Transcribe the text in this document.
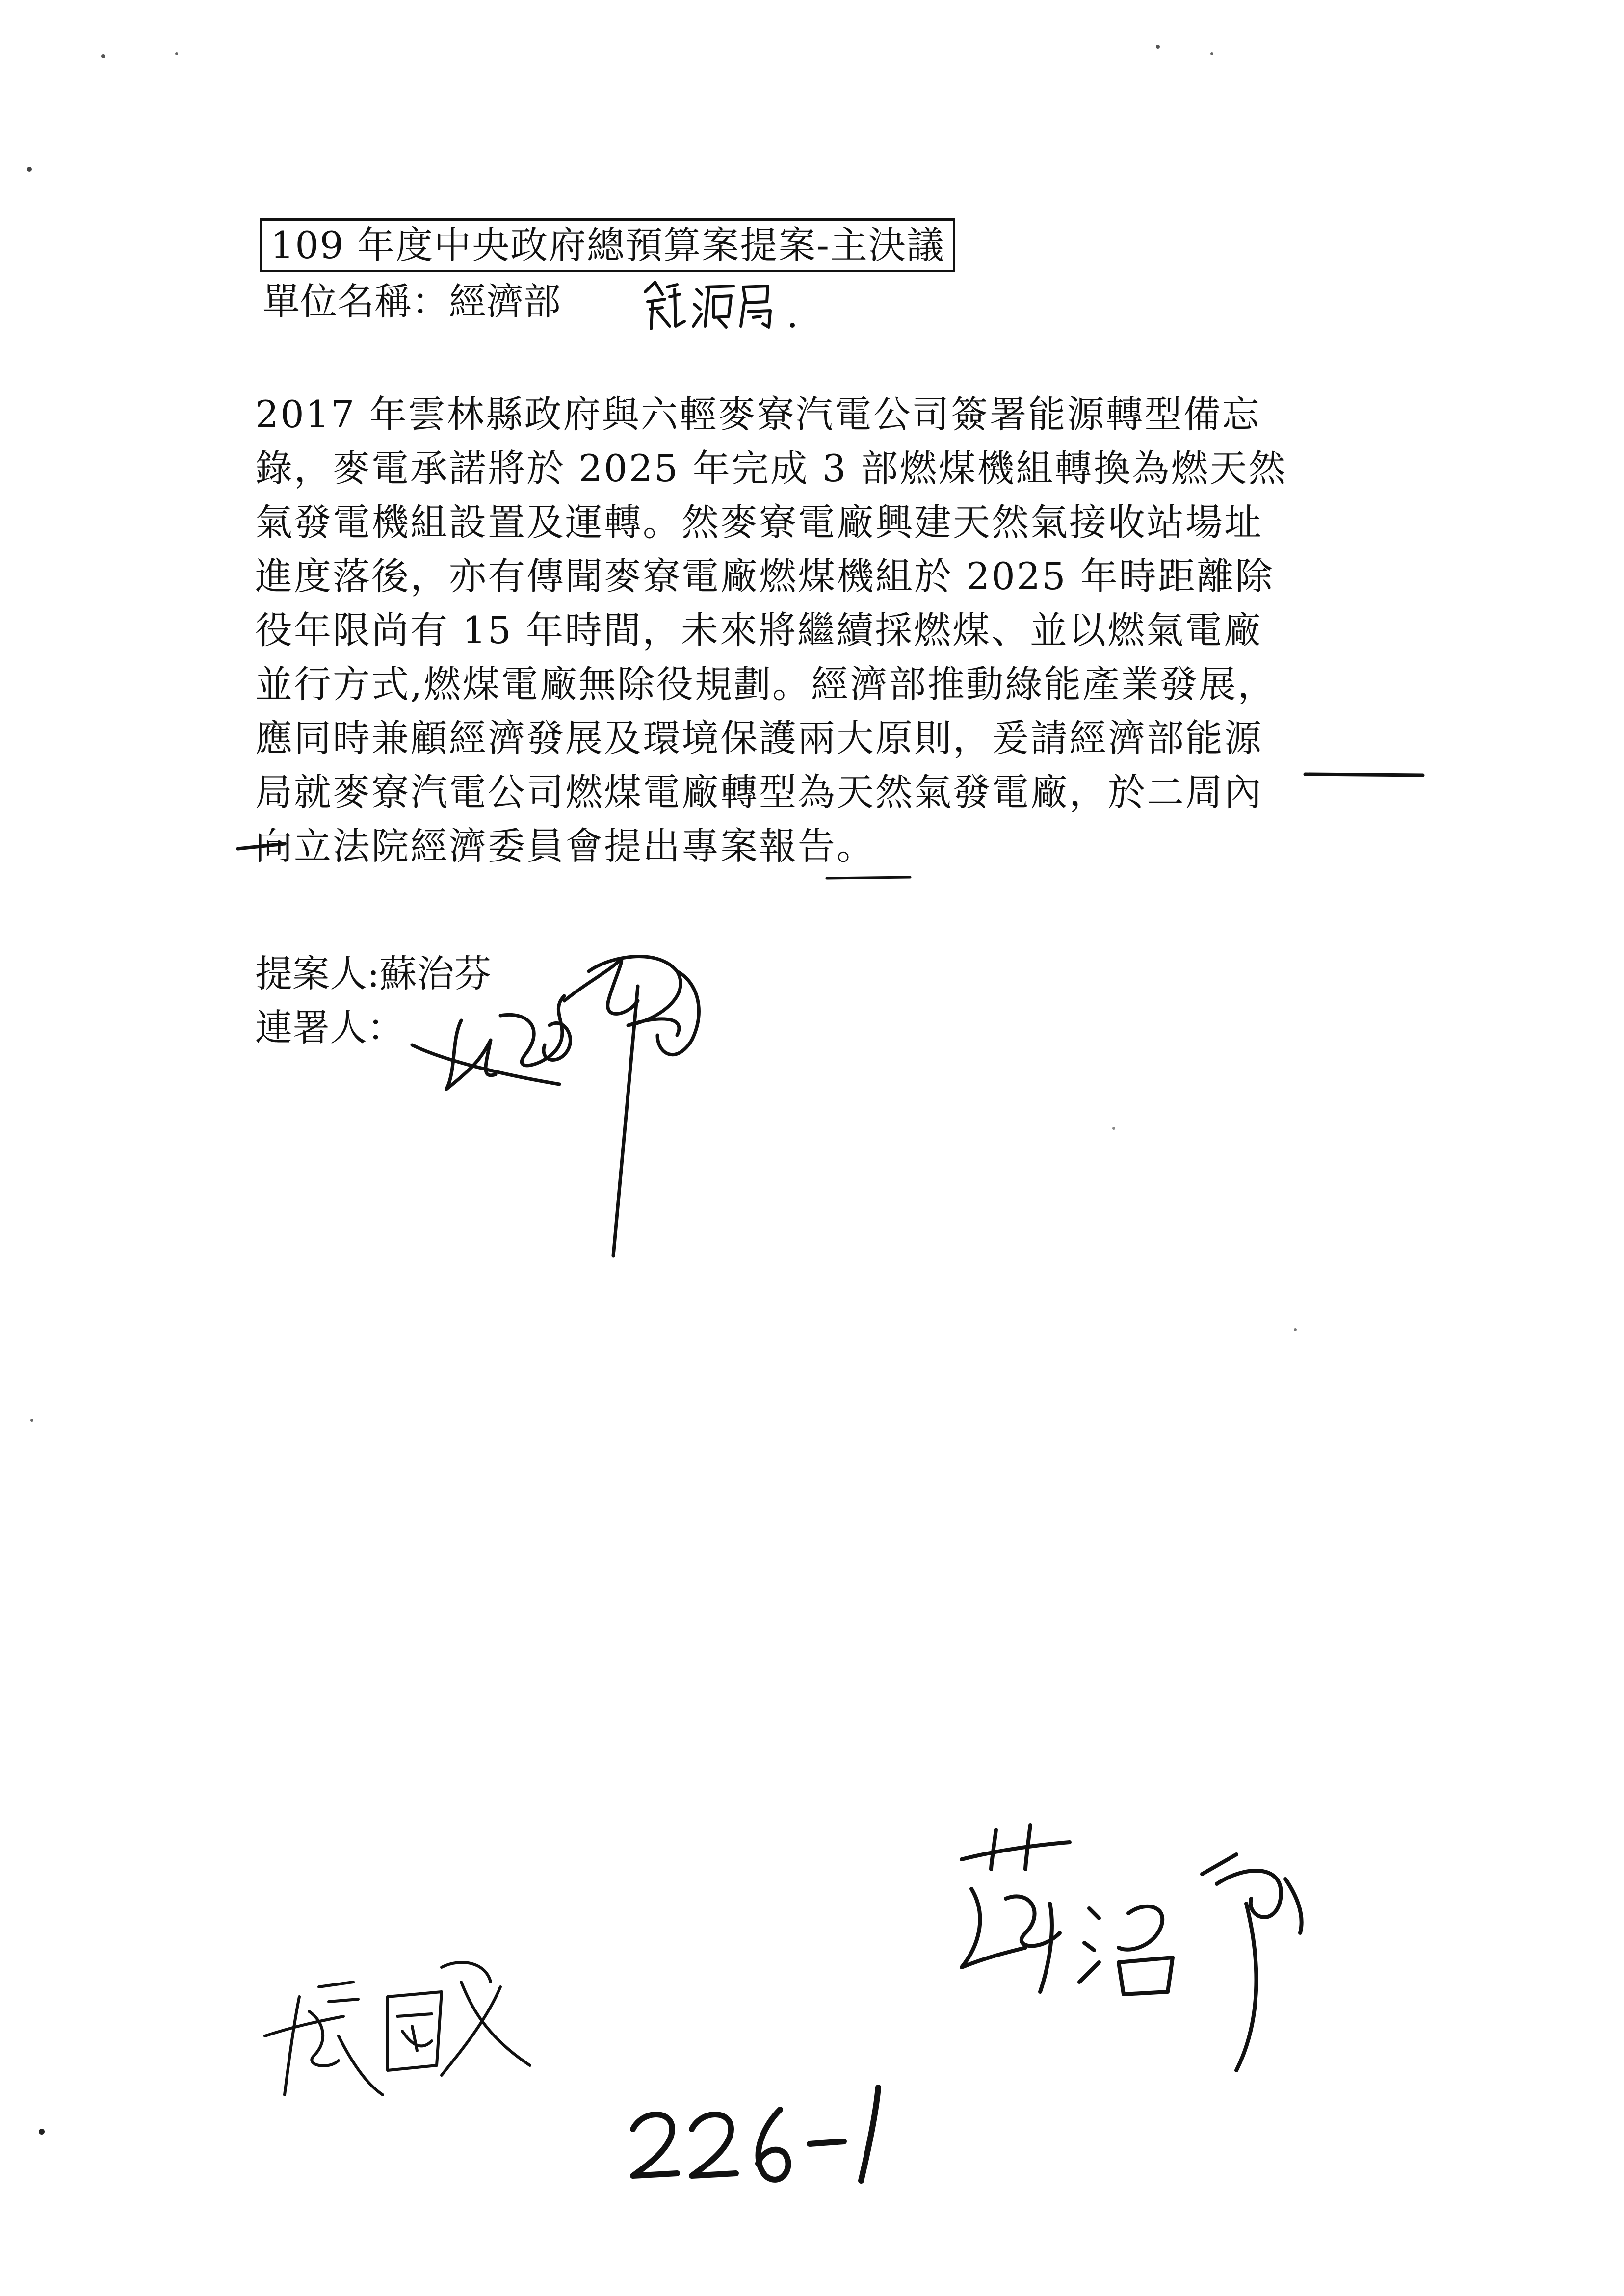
109 年度中央政府總預算案提案-主決議
單位名稱：經濟部
2017 年雲林縣政府與六輕麥寮汽電公司簽署能源轉型備忘
錄，麥電承諾將於 2025 年完成 3 部燃煤機組轉換為燃天然
氣發電機組設置及運轉。然麥寮電廠興建天然氣接收站場址
進度落後，亦有傳聞麥寮電廠燃煤機組於 2025 年時距離除
役年限尚有 15 年時間，未來將繼續採燃煤、並以燃氣電廠
並行方式,燃煤電廠無除役規劃。經濟部推動綠能產業發展，
應同時兼顧經濟發展及環境保護兩大原則，爰請經濟部能源
局就麥寮汽電公司燃煤電廠轉型為天然氣發電廠，於二周內
向立法院經濟委員會提出專案報告。
提案人:蘇治芬
連署人：
